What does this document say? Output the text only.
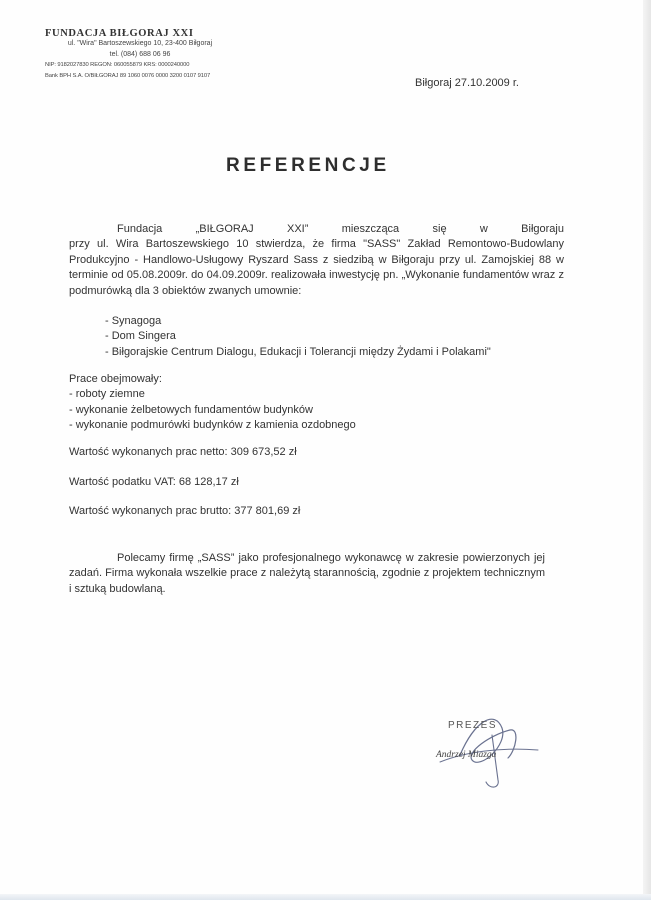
FUNDACJA BIŁGORAJ XXI
ul. "Wira" Bartoszewskiego 10, 23-400 Biłgoraj
tel. (084) 688 06 96
NIP: 9182027830 REGON: 060055879 KRS: 0000240000
Bank BPH S.A. O/BIŁGORAJ 89 1060 0076 0000 3200 0107 9107
Biłgoraj 27.10.2009 r.
REFERENCJE
Fundacja „BIŁGORAJ XXI” mieszcząca się w Biłgoraju
przy ul. Wira Bartoszewskiego 10 stwierdza, że firma "SASS" Zakład Remontowo-Budowlany Produkcyjno - Handlowo-Usługowy Ryszard Sass z siedzibą w Biłgoraju przy ul. Zamojskiej 88 w terminie od 05.08.2009r. do 04.09.2009r. realizowała inwestycję pn. „Wykonanie fundamentów wraz z podmurówką dla 3 obiektów zwanych umownie:
- Synagoga
- Dom Singera
- Biłgorajskie Centrum Dialogu, Edukacji i Tolerancji między Żydami i Polakami"
Prace obejmowały:
- roboty ziemne
- wykonanie żelbetowych fundamentów budynków
- wykonanie podmurówki budynków z kamienia ozdobnego
Wartość wykonanych prac netto: 309 673,52 zł
Wartość podatku VAT: 68 128,17 zł
Wartość wykonanych prac brutto: 377 801,69 zł
Polecamy firmę „SASS” jako profesjonalnego wykonawcę w zakresie powierzonych jej zadań. Firma wykonała wszelkie prace z należytą starannością, zgodnie z projektem technicznym i sztuką budowlaną.
PREZES
Andrzej Miazga
